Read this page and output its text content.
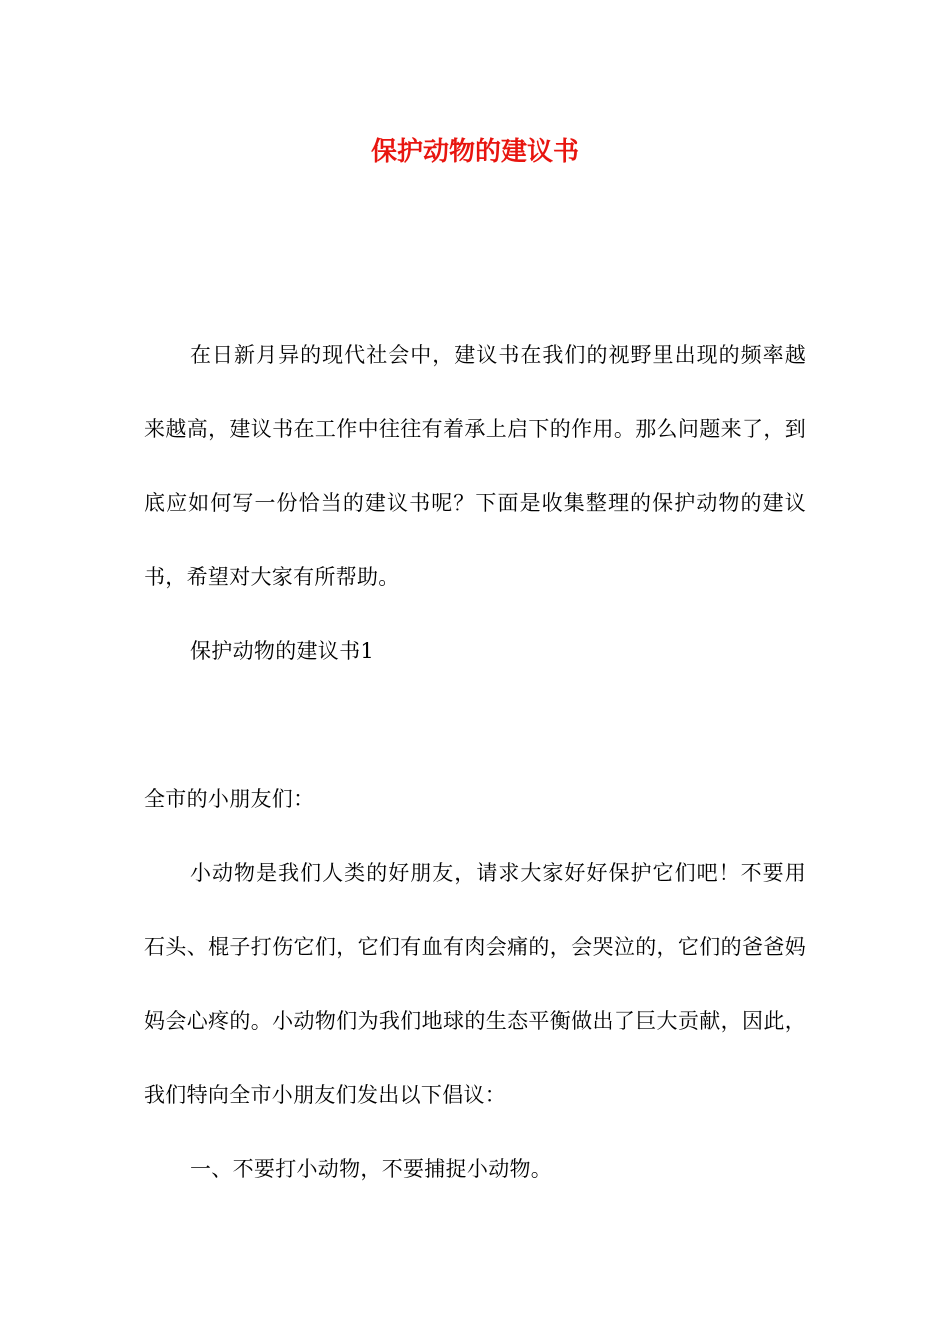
保护动物的建议书

在日新月异的现代社会中，建议书在我们的视野里出现的频率越来越高，建议书在工作中往往有着承上启下的作用。那么问题来了，到底应如何写一份恰当的建议书呢？下面是收集整理的保护动物的建议书，希望对大家有所帮助。

保护动物的建议书1

全市的小朋友们：

小动物是我们人类的好朋友，请求大家好好保护它们吧！不要用石头、棍子打伤它们，它们有血有肉会痛的，会哭泣的，它们的爸爸妈妈会心疼的。小动物们为我们地球的生态平衡做出了巨大贡献，因此，我们特向全市小朋友们发出以下倡议：

一、不要打小动物，不要捕捉小动物。
